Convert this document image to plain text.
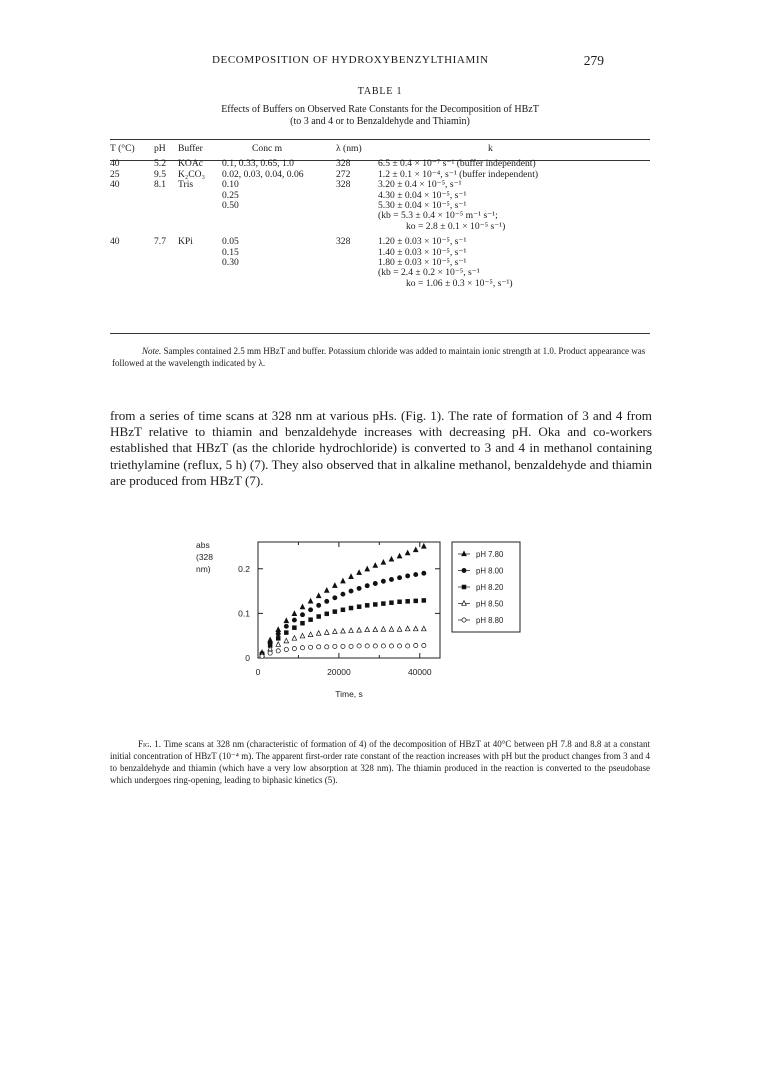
DECOMPOSITION OF HYDROXYBENZYLTHIAMIN	279
TABLE 1
Effects of Buffers on Observed Rate Constants for the Decomposition of HBzT
(to 3 and 4 or to Benzaldehyde and Thiamin)
T (°C)	pH	Buffer	Conc m	λ (nm)	k
40	5.2	KOAc	0.1, 0.33, 0.65, 1.0	328	6.5 ± 0.4 × 10⁻⁷ s⁻¹ (buffer independent)
25	9.5	K₂CO₃	0.02, 0.03, 0.04, 0.06	272	1.2 ± 0.1 × 10⁻⁴, s⁻¹ (buffer independent)
40	8.1	Tris	0.10	328	3.20 ± 0.4 × 10⁻⁵, s⁻¹
			0.25		4.30 ± 0.04 × 10⁻⁵, s⁻¹
			0.50		5.30 ± 0.04 × 10⁻⁵, s⁻¹
					(kb = 5.3 ± 0.4 × 10⁻⁵ m⁻¹ s⁻¹;
					ko = 2.8 ± 0.1 × 10⁻⁵ s⁻¹)
40	7.7	KPi	0.05	328	1.20 ± 0.03 × 10⁻⁵, s⁻¹
			0.15		1.40 ± 0.03 × 10⁻⁵, s⁻¹
			0.30		1.80 ± 0.03 × 10⁻⁵, s⁻¹
					(kb = 2.4 ± 0.2 × 10⁻⁵, s⁻¹
					ko = 1.06 ± 0.3 × 10⁻⁵, s⁻¹)
Note. Samples contained 2.5 mm HBzT and buffer. Potassium chloride was added to maintain ionic strength at 1.0. Product appearance was followed at the wavelength indicated by λ.
from a series of time scans at 328 nm at various pHs. (Fig. 1). The rate of formation of 3 and 4 from HBzT relative to thiamin and benzaldehyde increases with decreasing pH. Oka and co-workers established that HBzT (as the chloride hydrochloride) is converted to 3 and 4 in methanol containing triethylamine (reflux, 5 h) (7). They also observed that in alkaline methanol, benzaldehyde and thiamin are produced from HBzT (7).
0
0.1
0.2
0	20000	40000
abs
(328
nm)
Time, s
pH 7.80
pH 8.00
pH 8.20
pH 8.50
pH 8.80
Fig. 1. Time scans at 328 nm (characteristic of formation of 4) of the decomposition of HBzT at 40°C between pH 7.8 and 8.8 at a constant initial concentration of HBzT (10⁻⁴ m). The apparent first-order rate constant of the reaction increases with pH but the product changes from 3 and 4 to benzaldehyde and thiamin (which have a very low absorption at 328 nm). The thiamin produced in the reaction is converted to the pseudobase which undergoes ring-opening, leading to biphasic kinetics (5).
